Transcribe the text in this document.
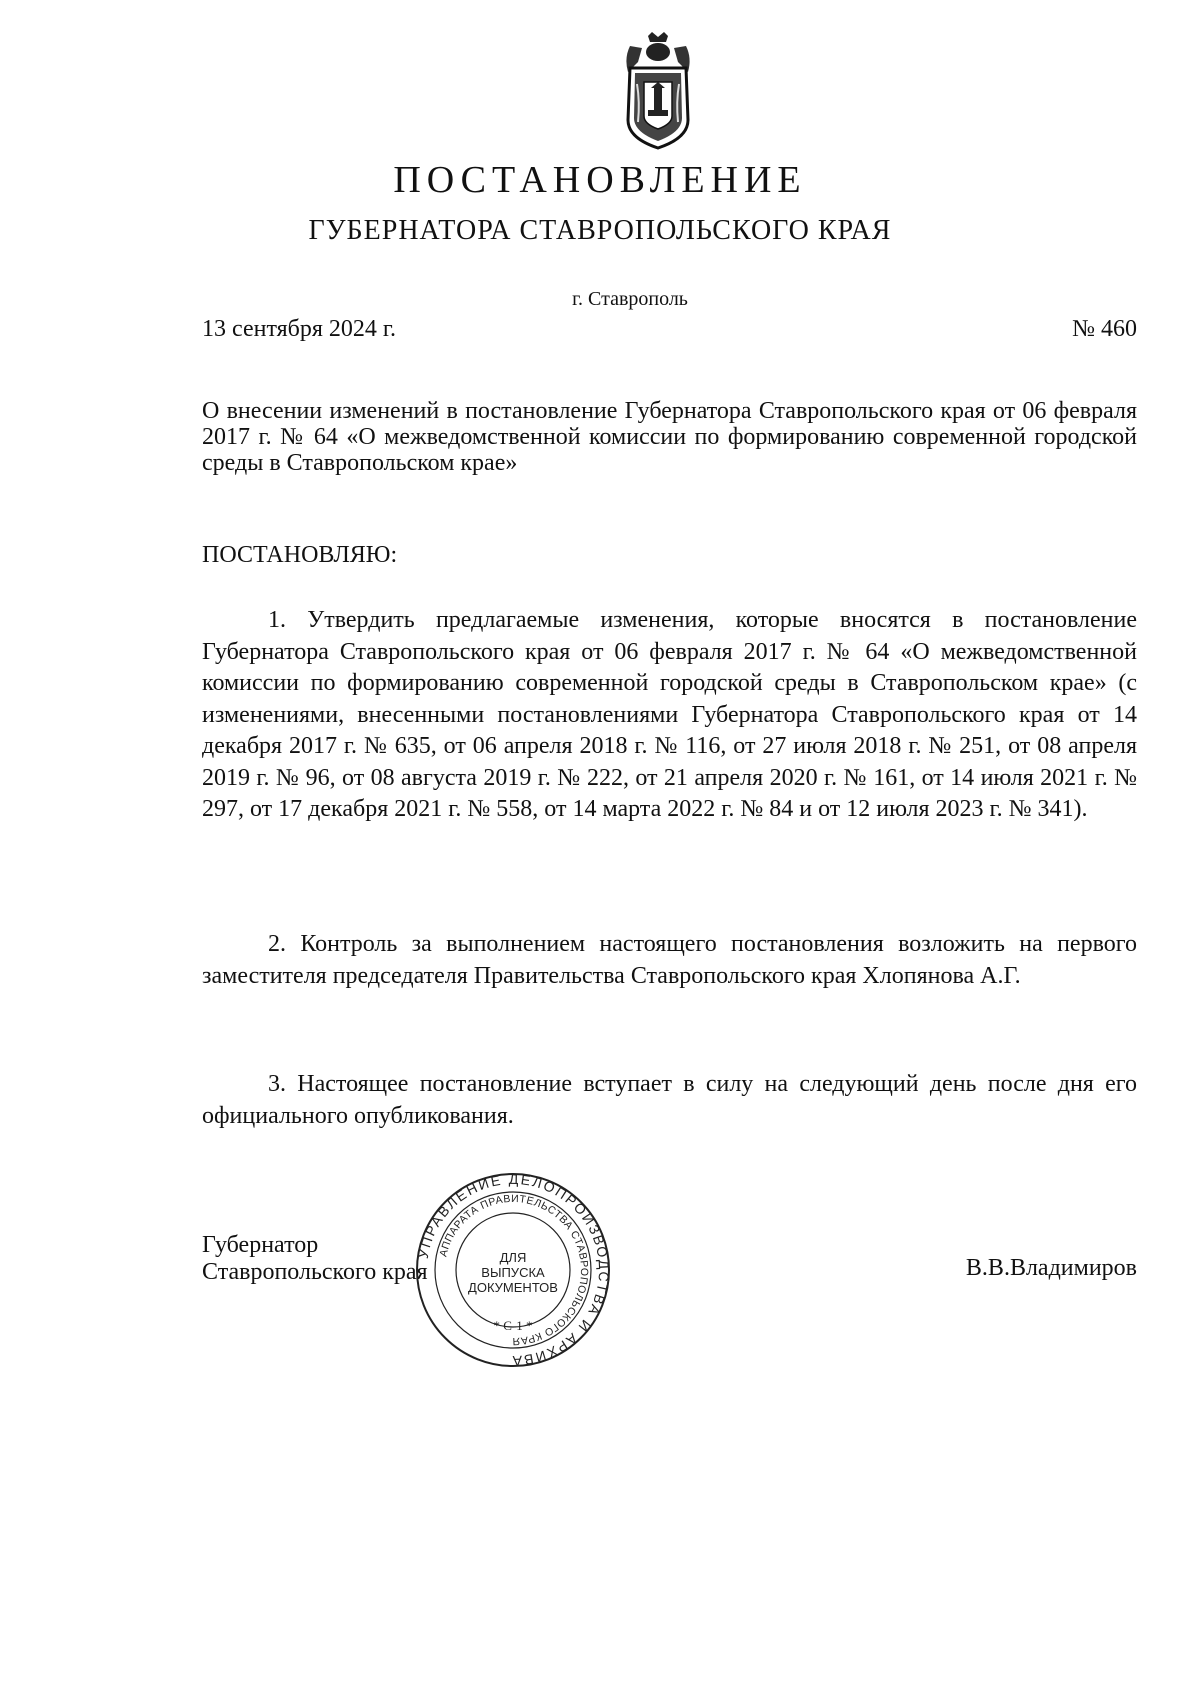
ПОСТАНОВЛЕНИЕ
ГУБЕРНАТОРА СТАВРОПОЛЬСКОГО КРАЯ
г. Ставрополь
13 сентября 2024 г.	№ 460
О внесении изменений в постановление Губернатора Ставропольского края от 06 февраля 2017 г. № 64 «О межведомственной комиссии по формированию современной городской среды в Ставропольском крае»
ПОСТАНОВЛЯЮ:
1. Утвердить предлагаемые изменения, которые вносятся в постановление Губернатора Ставропольского края от 06 февраля 2017 г. № 64 «О межведомственной комиссии по формированию современной городской среды в Ставропольском крае» (с изменениями, внесенными постановлениями Губернатора Ставропольского края от 14 декабря 2017 г. № 635, от 06 апреля 2018 г. № 116, от 27 июля 2018 г. № 251, от 08 апреля 2019 г. № 96, от 08 августа 2019 г. № 222, от 21 апреля 2020 г. № 161, от 14 июля 2021 г. № 297, от 17 декабря 2021 г. № 558, от 14 марта 2022 г. № 84 и от 12 июля 2023 г. № 341).
2. Контроль за выполнением настоящего постановления возложить на первого заместителя председателя Правительства Ставропольского края Хлопянова А.Г.
3. Настоящее постановление вступает в силу на следующий день после дня его официального опубликования.
Губернатор
Ставропольского края	В.В.Владимиров
УПРАВЛЕНИЕ ДЕЛОПРОИЗВОДСТВА И АРХИВА
АППАРАТА ПРАВИТЕЛЬСТВА СТАВРОПОЛЬСКОГО КРАЯ
ДЛЯ
ВЫПУСКА
ДОКУМЕНТОВ
* С-1 *
